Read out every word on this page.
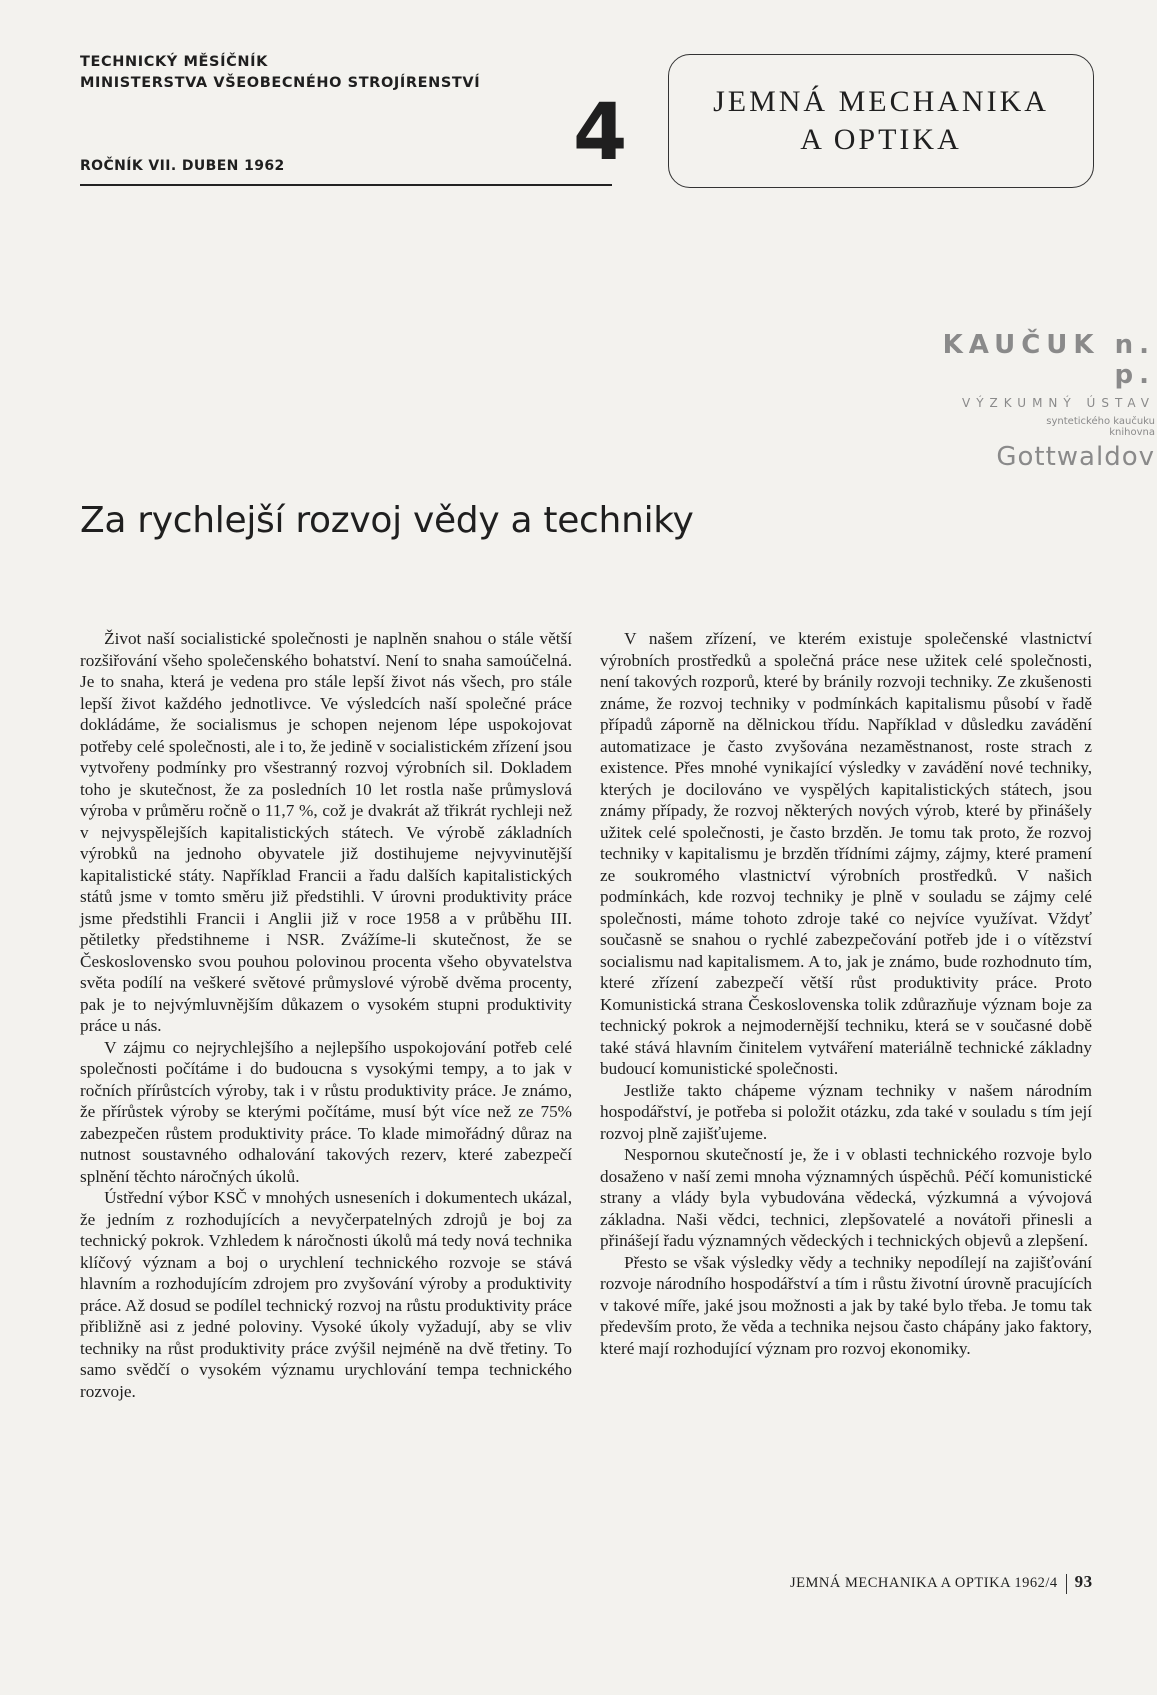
TECHNICKÝ MĚSÍČNÍK

MINISTERSTVA VŠEOBECNÉHO STROJÍRENSTVÍ

ROČNÍK VII. DUBEN 1962	4	JEMNÁ MECHANIKA
A OPTIKA
KAUČUK n. p.
VÝZKUMNÝ ÚSTAV
syntetického kaučuku
knihovna
Gottwaldov
Za rychlejší rozvoj vědy a techniky

Život naší socialistické společnosti je naplněn snahou o stále větší rozšiřování všeho společenského bohatství. Není to snaha samoúčelná. Je to snaha, která je vedena pro stále lepší život nás všech, pro stále lepší život každého jednotlivce. Ve výsledcích naší společné práce dokládáme, že socialismus je schopen nejenom lépe uspokojovat potřeby celé společnosti, ale i to, že jedině v socialistickém zřízení jsou vytvořeny podmínky pro všestranný rozvoj výrobních sil. Dokladem toho je skutečnost, že za posledních 10 let rostla naše průmyslová výroba v průměru ročně o 11,7 %, což je dvakrát až třikrát rychleji než v nejvyspělejších kapitalistických státech. Ve výrobě základních výrobků na jednoho obyvatele již dostihujeme nejvyvinutější kapitalistické státy. Například Francii a řadu dalších kapitalistických států jsme v tomto směru již předstihli. V úrovni produktivity práce jsme předstihli Francii i Anglii již v roce 1958 a v průběhu III. pětiletky předstihneme i NSR. Zvážíme-li skutečnost, že se Československo svou pouhou polovinou procenta všeho obyvatelstva světa podílí na veškeré světové průmyslové výrobě dvěma procenty, pak je to nejvýmluvnějším důkazem o vysokém stupni produktivity práce u nás.

V zájmu co nejrychlejšího a nejlepšího uspokojování potřeb celé společnosti počítáme i do budoucna s vysokými tempy, a to jak v ročních přírůstcích výroby, tak i v růstu produktivity práce. Je známo, že přírůstek výroby se kterými počítáme, musí být více než ze 75% zabezpečen růstem produktivity práce. To klade mimořádný důraz na nutnost soustavného odhalování takových rezerv, které zabezpečí splnění těchto náročných úkolů.

Ústřední výbor KSČ v mnohých usneseních i dokumentech ukázal, že jedním z rozhodujících a nevyčerpatelných zdrojů je boj za technický pokrok. Vzhledem k náročnosti úkolů má tedy nová technika klíčový význam a boj o urychlení technického rozvoje se stává hlavním a rozhodujícím zdrojem pro zvyšování výroby a produktivity práce. Až dosud se podílel technický rozvoj na růstu produktivity práce přibližně asi z jedné poloviny. Vysoké úkoly vyžadují, aby se vliv techniky na růst produktivity práce zvýšil nejméně na dvě třetiny. To samo svědčí o vysokém významu urychlování tempa technického rozvoje.

V našem zřízení, ve kterém existuje společenské vlastnictví výrobních prostředků a společná práce nese užitek celé společnosti, není takových rozporů, které by bránily rozvoji techniky. Ze zkušenosti známe, že rozvoj techniky v podmínkách kapitalismu působí v řadě případů záporně na dělnickou třídu. Například v důsledku zavádění automatizace je často zvyšována nezaměstnanost, roste strach z existence. Přes mnohé vynikající výsledky v zavádění nové techniky, kterých je docilováno ve vyspělých kapitalistických státech, jsou známy případy, že rozvoj některých nových výrob, které by přinášely užitek celé společnosti, je často brzděn. Je tomu tak proto, že rozvoj techniky v kapitalismu je brzděn třídními zájmy, zájmy, které pramení ze soukromého vlastnictví výrobních prostředků. V našich podmínkách, kde rozvoj techniky je plně v souladu se zájmy celé společnosti, máme tohoto zdroje také co nejvíce využívat. Vždyť současně se snahou o rychlé zabezpečování potřeb jde i o vítězství socialismu nad kapitalismem. A to, jak je známo, bude rozhodnuto tím, které zřízení zabezpečí větší růst produktivity práce. Proto Komunistická strana Československa tolik zdůrazňuje význam boje za technický pokrok a nejmodernější techniku, která se v současné době také stává hlavním činitelem vytváření materiálně technické základny budoucí komunistické společnosti.

Jestliže takto chápeme význam techniky v našem národním hospodářství, je potřeba si položit otázku, zda také v souladu s tím její rozvoj plně zajišťujeme.

Nespornou skutečností je, že i v oblasti technického rozvoje bylo dosaženo v naší zemi mnoha významných úspěchů. Péčí komunistické strany a vlády byla vybudována vědecká, výzkumná a vývojová základna. Naši vědci, technici, zlepšovatelé a novátoři přinesli a přinášejí řadu významných vědeckých i technických objevů a zlepšení.

Přesto se však výsledky vědy a techniky nepodílejí na zajišťování rozvoje národního hospodářství a tím i růstu životní úrovně pracujících v takové míře, jaké jsou možnosti a jak by také bylo třeba. Je tomu tak především proto, že věda a technika nejsou často chápány jako faktory, které mají rozhodující význam pro rozvoj ekonomiky.

JEMNÁ MECHANIKA A OPTIKA 1962/4 93
